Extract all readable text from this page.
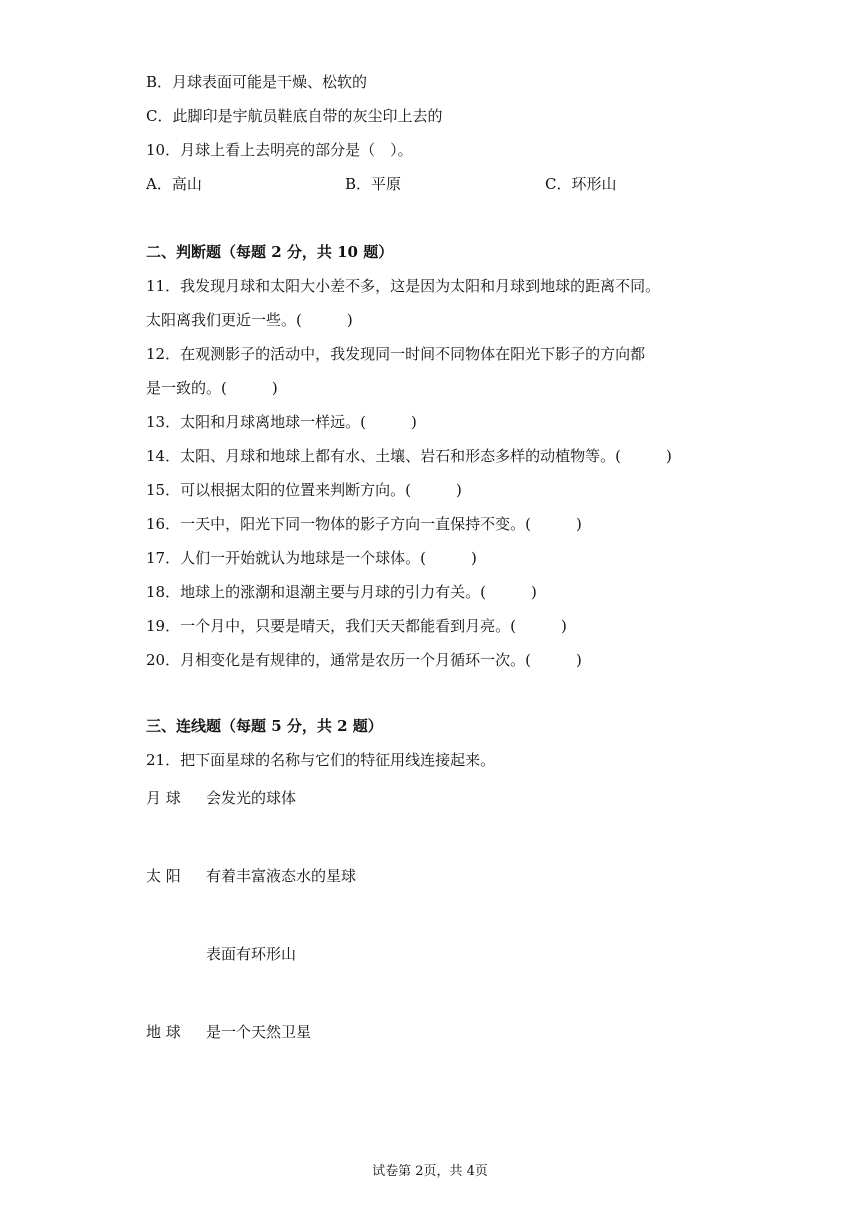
B．月球表面可能是干燥、松软的
C．此脚印是宇航员鞋底自带的灰尘印上去的
10．月球上看上去明亮的部分是（　）。
A．高山	B．平原	C．环形山
二、判断题（每题 2 分，共 10 题）
11．我发现月球和太阳大小差不多，这是因为太阳和月球到地球的距离不同。
太阳离我们更近一些。(　　　)
12．在观测影子的活动中，我发现同一时间不同物体在阳光下影子的方向都
是一致的。(　　　)
13．太阳和月球离地球一样远。(　　　)
14．太阳、月球和地球上都有水、土壤、岩石和形态多样的动植物等。(　　　)
15．可以根据太阳的位置来判断方向。(　　　)
16．一天中，阳光下同一物体的影子方向一直保持不变。(　　　)
17．人们一开始就认为地球是一个球体。(　　　)
18．地球上的涨潮和退潮主要与月球的引力有关。(　　　)
19．一个月中，只要是晴天，我们天天都能看到月亮。(　　　)
20．月相变化是有规律的，通常是农历一个月循环一次。(　　　)
三、连线题（每题 5 分，共 2 题）
21．把下面星球的名称与它们的特征用线连接起来。
月 球 会发光的球体
太 阳 有着丰富液态水的星球
表面有环形山
地 球 是一个天然卫星
试卷第 2页，共 4页
